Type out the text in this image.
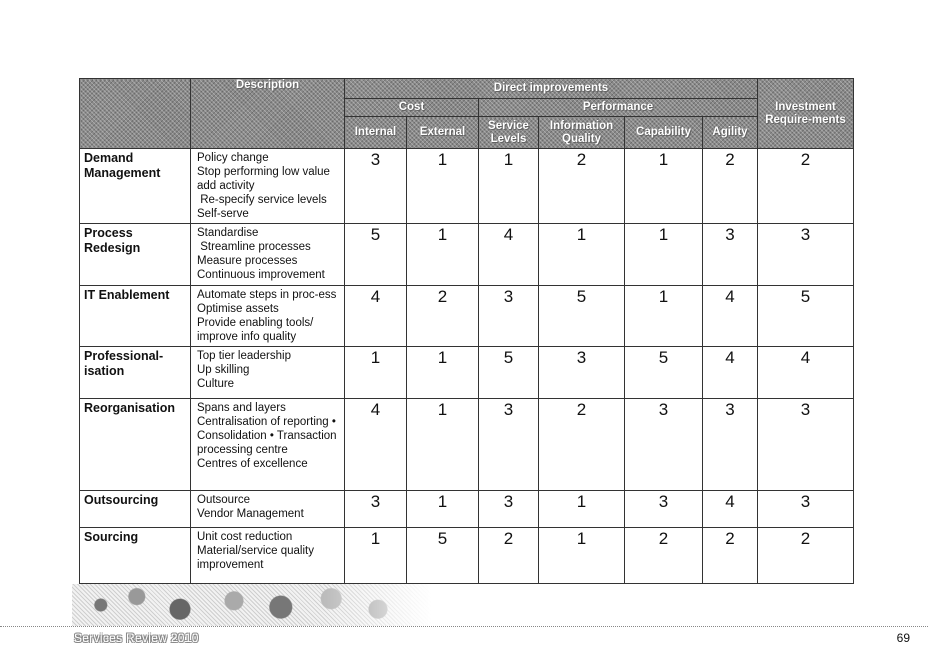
	Description	Direct improvements						Investment Require-ments
		Cost		Performance				
		Internal	External	Service Levels	Information Quality	Capability	Agility	
Demand Management	Policy change
Stop performing low value add activity
Re-specify service levels
Self-serve	3	1	1	2	1	2	2
Process Redesign	Standardise
Streamline processes
Measure processes
Continuous improvement	5	1	4	1	1	3	3
IT Enablement	Automate steps in proc-ess Optimise assets
Provide enabling tools/ improve info quality	4	2	3	5	1	4	5
Professional-isation	Top tier leadership
Up skilling
Culture	1	1	5	3	5	4	4
Reorganisation	Spans and layers
Centralisation of reporting • Consolidation • Transaction processing centre
Centres of excellence	4	1	3	2	3	3	3
Outsourcing	Outsource
Vendor Management	3	1	3	1	3	4	3
Sourcing	Unit cost reduction
Material/service quality improvement	1	5	2	1	2	2	2
Services Review 2010	69
